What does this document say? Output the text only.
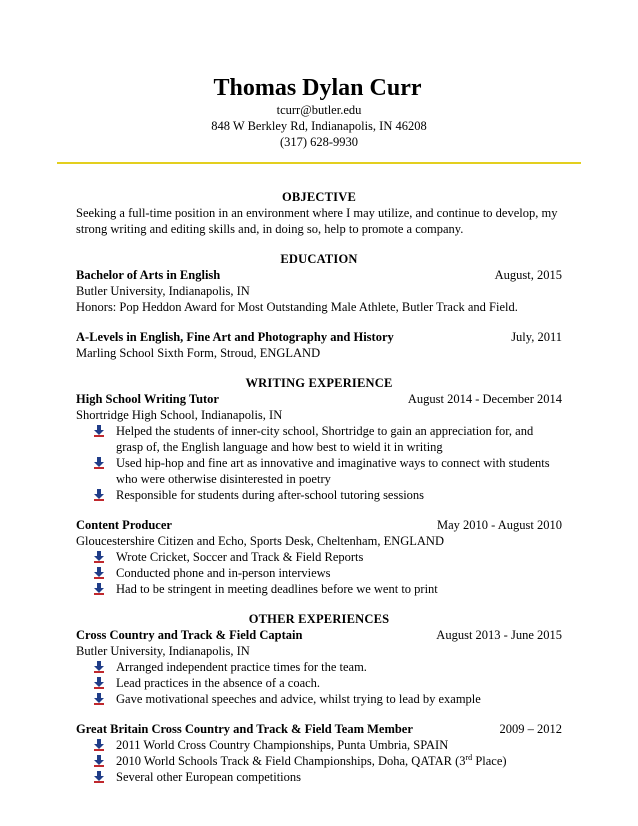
Thomas Dylan Curr
tcurr@butler.edu
848 W Berkley Rd, Indianapolis, IN 46208
(317) 628-9930
OBJECTIVE
Seeking a full-time position in an environment where I may utilize, and continue to develop, my strong writing and editing skills and, in doing so, help to promote a company.
EDUCATION
Bachelor of Arts in English	August, 2015
Butler University, Indianapolis, IN
Honors: Pop Heddon Award for Most Outstanding Male Athlete, Butler Track and Field.
A-Levels in English, Fine Art and Photography and History	July, 2011
Marling School Sixth Form, Stroud, ENGLAND
WRITING EXPERIENCE
High School Writing Tutor	August 2014 - December 2014
Shortridge High School, Indianapolis, IN
Helped the students of inner-city school, Shortridge to gain an appreciation for, and grasp of, the English language and how best to wield it in writing
Used hip-hop and fine art as innovative and imaginative ways to connect with students who were otherwise disinterested in poetry
Responsible for students during after-school tutoring sessions
Content Producer	May 2010 - August 2010
Gloucestershire Citizen and Echo, Sports Desk, Cheltenham, ENGLAND
Wrote Cricket, Soccer and Track & Field Reports
Conducted phone and in-person interviews
Had to be stringent in meeting deadlines before we went to print
OTHER EXPERIENCES
Cross Country and Track & Field Captain	August 2013 - June 2015
Butler University, Indianapolis, IN
Arranged independent practice times for the team.
Lead practices in the absence of a coach.
Gave motivational speeches and advice, whilst trying to lead by example
Great Britain Cross Country and Track & Field Team Member	2009 – 2012
2011 World Cross Country Championships, Punta Umbria, SPAIN
2010 World Schools Track & Field Championships, Doha, QATAR (3rd Place)
Several other European competitions
